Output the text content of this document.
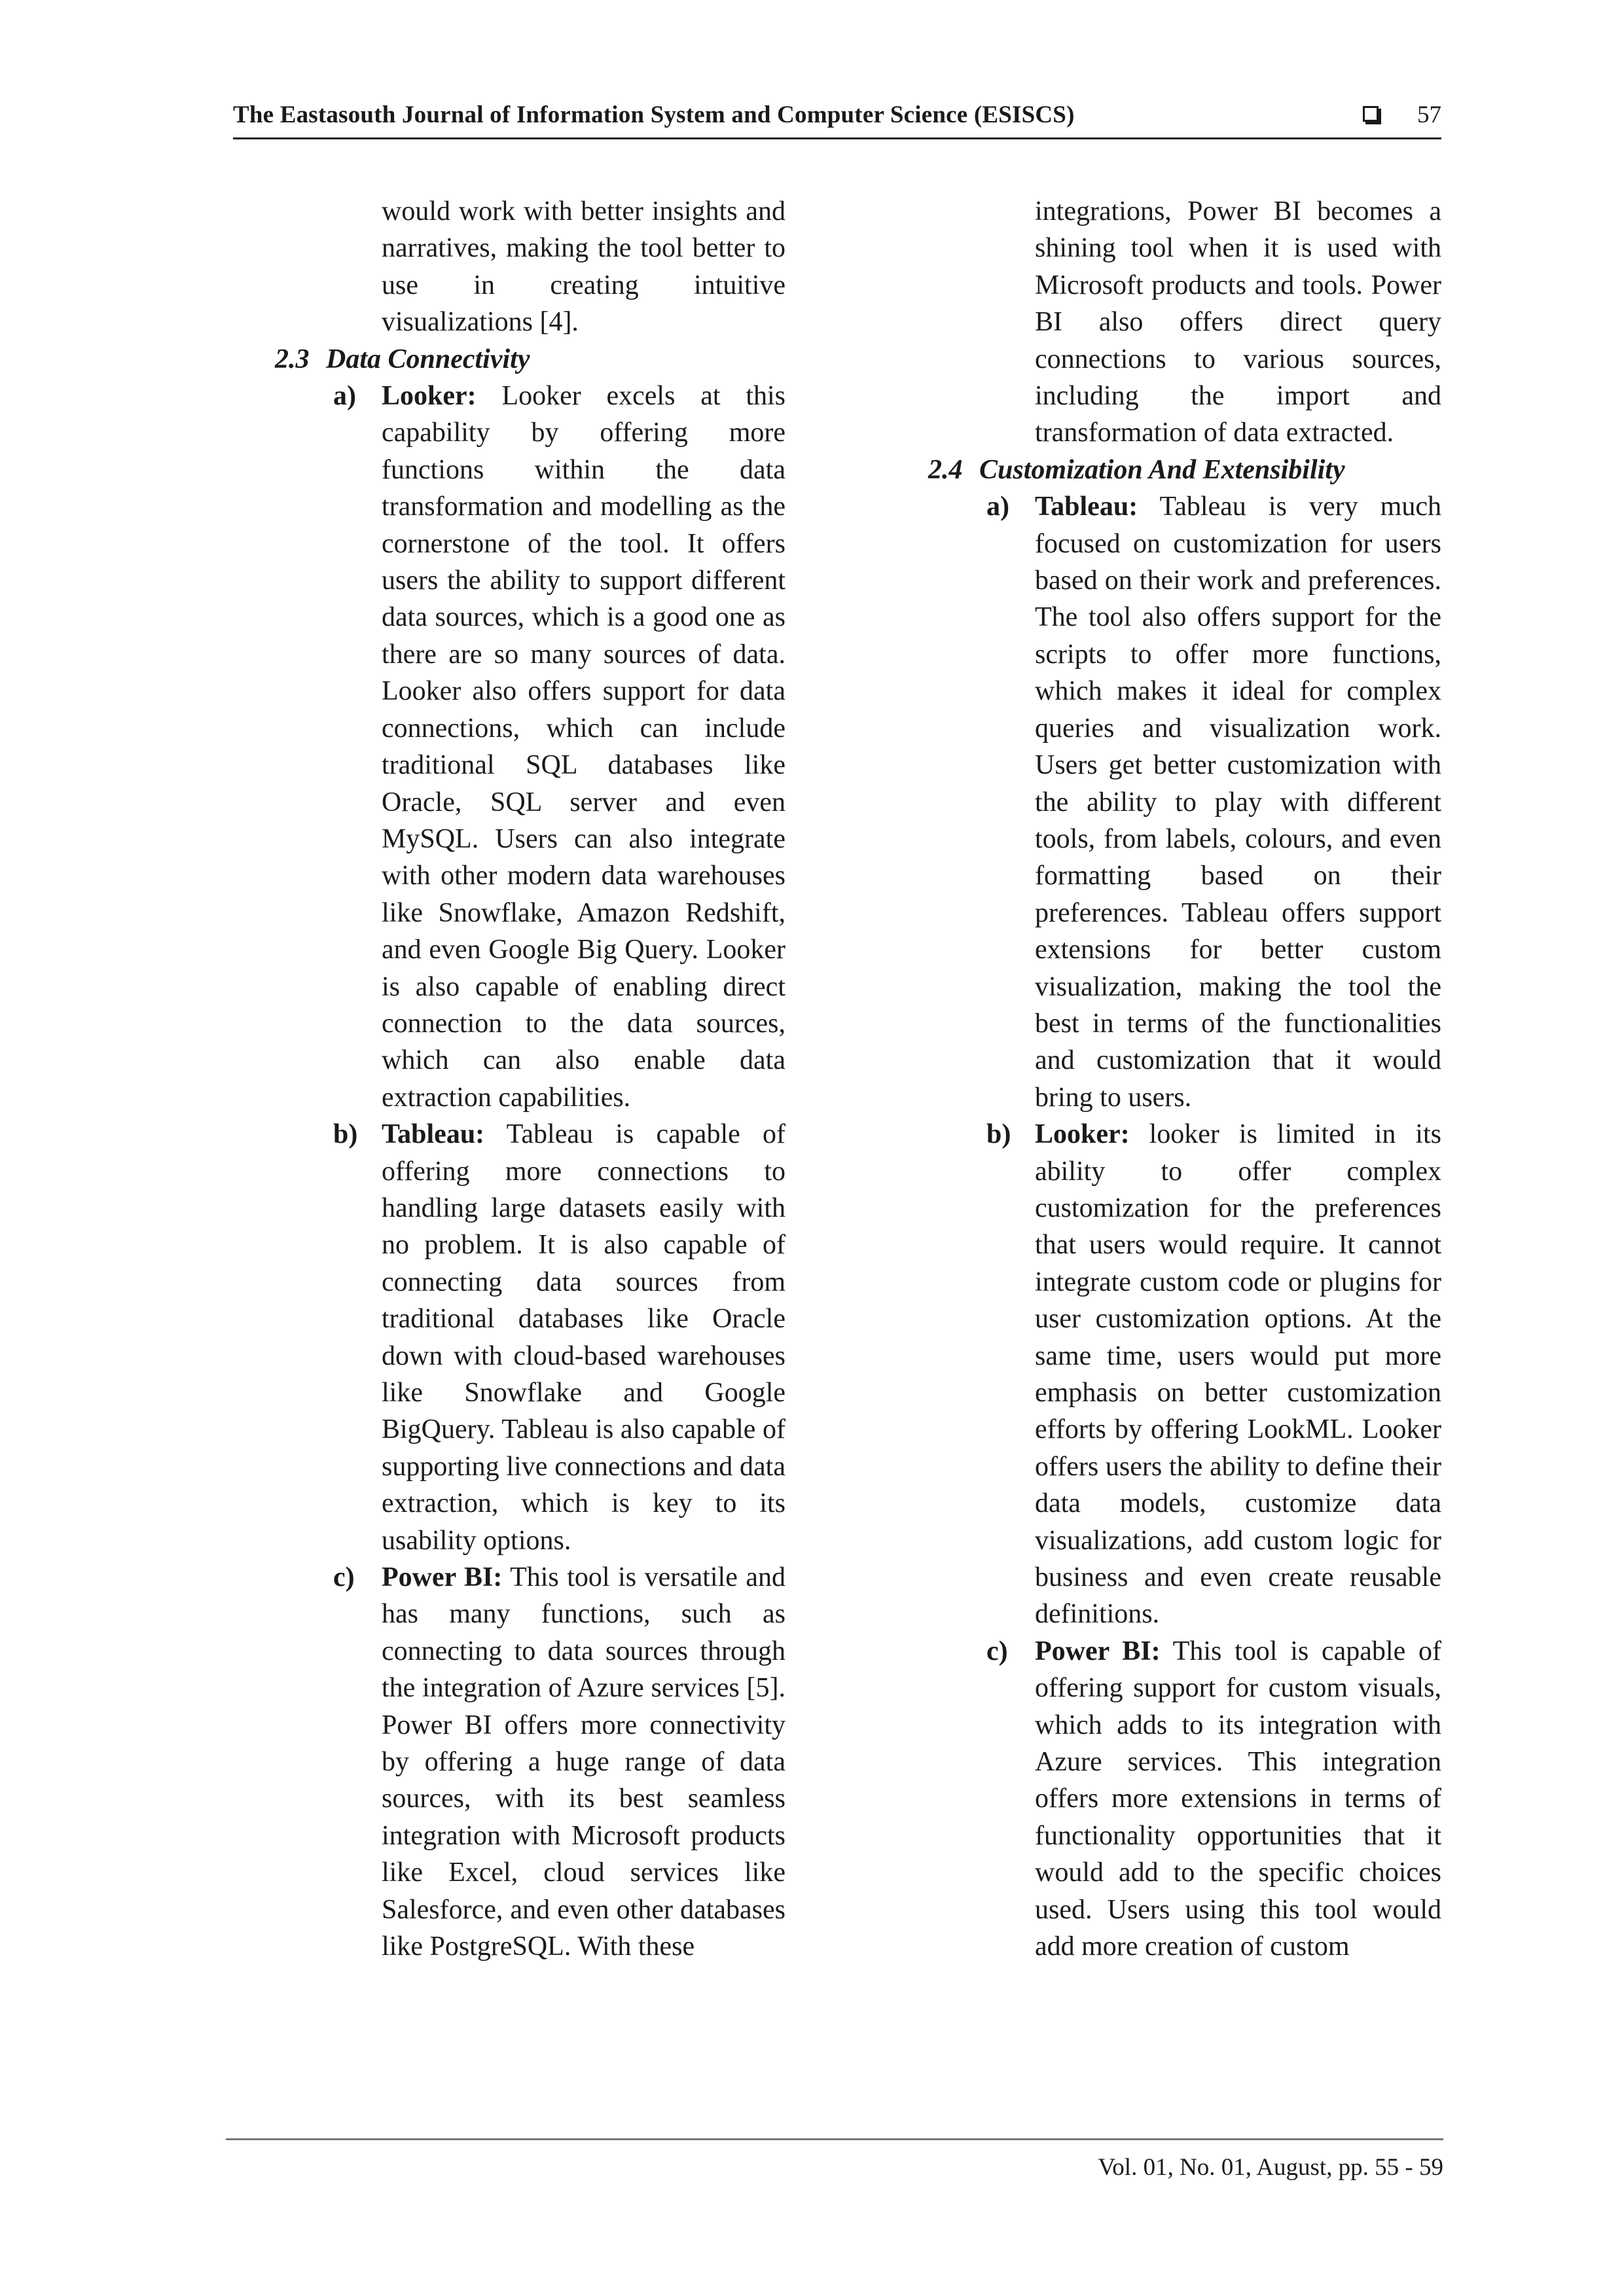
The Eastasouth Journal of Information System and Computer Science (ESISCS)	57

would work with better insights and narratives, making the tool better to use in creating intuitive visualizations [4].

2.3 Data Connectivity

a) Looker: Looker excels at this capability by offering more functions within the data transformation and modelling as the cornerstone of the tool. It offers users the ability to support different data sources, which is a good one as there are so many sources of data. Looker also offers support for data connections, which can include traditional SQL databases like Oracle, SQL server and even MySQL. Users can also integrate with other modern data warehouses like Snowflake, Amazon Redshift, and even Google Big Query. Looker is also capable of enabling direct connection to the data sources, which can also enable data extraction capabilities.

b) Tableau: Tableau is capable of offering more connections to handling large datasets easily with no problem. It is also capable of connecting data sources from traditional databases like Oracle down with cloud-based warehouses like Snowflake and Google BigQuery. Tableau is also capable of supporting live connections and data extraction, which is key to its usability options.

c) Power BI: This tool is versatile and has many functions, such as connecting to data sources through the integration of Azure services [5]. Power BI offers more connectivity by offering a huge range of data sources, with its best seamless integration with Microsoft products like Excel, cloud services like Salesforce, and even other databases like PostgreSQL. With these

integrations, Power BI becomes a shining tool when it is used with Microsoft products and tools. Power BI also offers direct query connections to various sources, including the import and transformation of data extracted.

2.4 Customization And Extensibility

a) Tableau: Tableau is very much focused on customization for users based on their work and preferences. The tool also offers support for the scripts to offer more functions, which makes it ideal for complex queries and visualization work. Users get better customization with the ability to play with different tools, from labels, colours, and even formatting based on their preferences. Tableau offers support extensions for better custom visualization, making the tool the best in terms of the functionalities and customization that it would bring to users.

b) Looker: looker is limited in its ability to offer complex customization for the preferences that users would require. It cannot integrate custom code or plugins for user customization options. At the same time, users would put more emphasis on better customization efforts by offering LookML. Looker offers users the ability to define their data models, customize data visualizations, add custom logic for business and even create reusable definitions.

c) Power BI: This tool is capable of offering support for custom visuals, which adds to its integration with Azure services. This integration offers more extensions in terms of functionality opportunities that it would add to the specific choices used. Users using this tool would add more creation of custom

Vol. 01, No. 01, August, pp. 55 - 59
